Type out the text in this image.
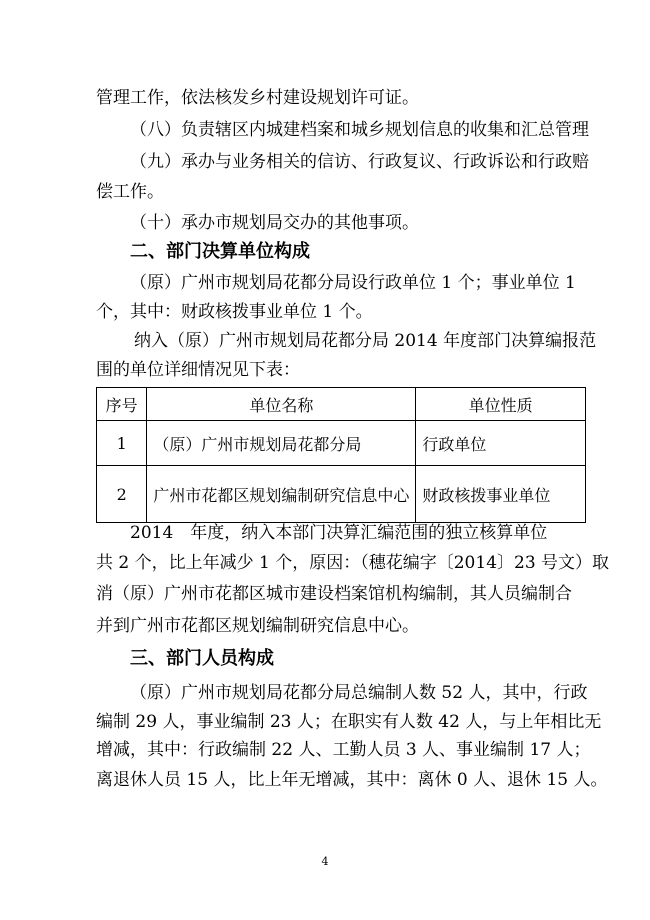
管理工作，依法核发乡村建设规划许可证。
（八）负责辖区内城建档案和城乡规划信息的收集和汇总管理
（九）承办与业务相关的信访、行政复议、行政诉讼和行政赔
偿工作。
（十）承办市规划局交办的其他事项。
二、部门决算单位构成
（原）广州市规划局花都分局设行政单位 1 个；事业单位 1
个，其中：财政核拨事业单位 1 个。
纳入（原）广州市规划局花都分局 2014 年度部门决算编报范
围的单位详细情况见下表：
序号	单位名称	单位性质
1	（原）广州市规划局花都分局	行政单位
2	广州市花都区规划编制研究信息中心	财政核拨事业单位
2014　年度，纳入本部门决算汇编范围的独立核算单位
共 2 个，比上年减少 1 个，原因：（穗花编字〔2014〕23 号文）取
消（原）广州市花都区城市建设档案馆机构编制，其人员编制合
并到广州市花都区规划编制研究信息中心。
三、部门人员构成
（原）广州市规划局花都分局总编制人数 52 人，其中，行政
编制 29 人，事业编制 23 人；在职实有人数 42 人，与上年相比无
增减，其中：行政编制 22 人、工勤人员 3 人、事业编制 17 人；
离退休人员 15 人，比上年无增减，其中：离休 0 人、退休 15 人。
4
